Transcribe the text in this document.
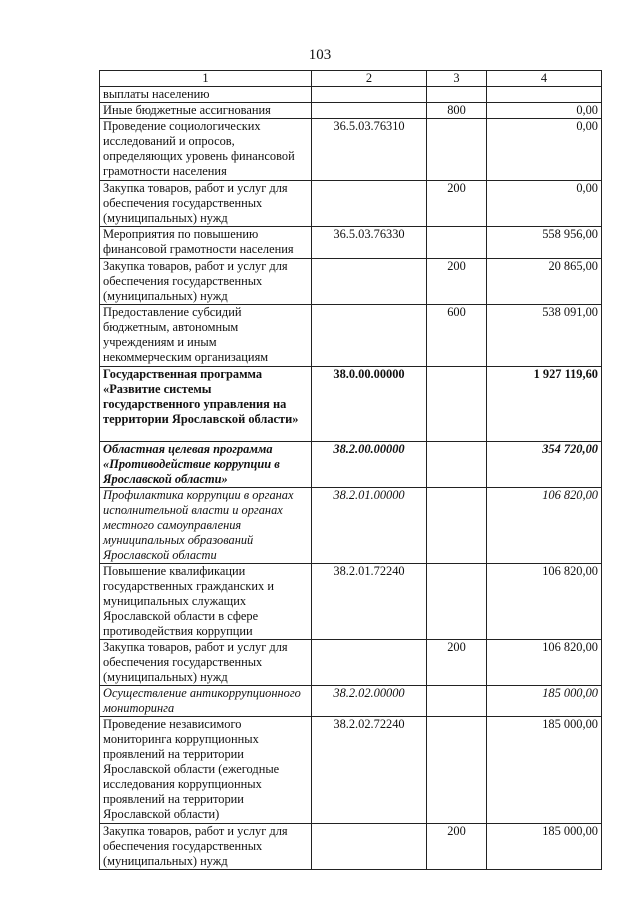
103
1	2	3	4
выплаты населению			
Иные бюджетные ассигнования		800	0,00
Проведение социологических исследований и опросов, определяющих уровень финансовой грамотности населения	36.5.03.76310		0,00
Закупка товаров, работ и услуг для обеспечения государственных (муниципальных) нужд		200	0,00
Мероприятия по повышению финансовой грамотности населения	36.5.03.76330		558 956,00
Закупка товаров, работ и услуг для обеспечения государственных (муниципальных) нужд		200	20 865,00
Предоставление субсидий бюджетным, автономным учреждениям и иным некоммерческим организациям		600	538 091,00
Государственная программа «Развитие системы государственного управления на территории Ярославской области»	38.0.00.00000		1 927 119,60
Областная целевая программа «Противодействие коррупции в Ярославской области»	38.2.00.00000		354 720,00
Профилактика коррупции в органах исполнительной власти и органах местного самоуправления муниципальных образований Ярославской области	38.2.01.00000		106 820,00
Повышение квалификации государственных гражданских и муниципальных служащих Ярославской области в сфере противодействия коррупции	38.2.01.72240		106 820,00
Закупка товаров, работ и услуг для обеспечения государственных (муниципальных) нужд		200	106 820,00
Осуществление антикоррупционного мониторинга	38.2.02.00000		185 000,00
Проведение независимого мониторинга коррупционных проявлений на территории Ярославской области (ежегодные исследования коррупционных проявлений на территории Ярославской области)	38.2.02.72240		185 000,00
Закупка товаров, работ и услуг для обеспечения государственных (муниципальных) нужд		200	185 000,00
